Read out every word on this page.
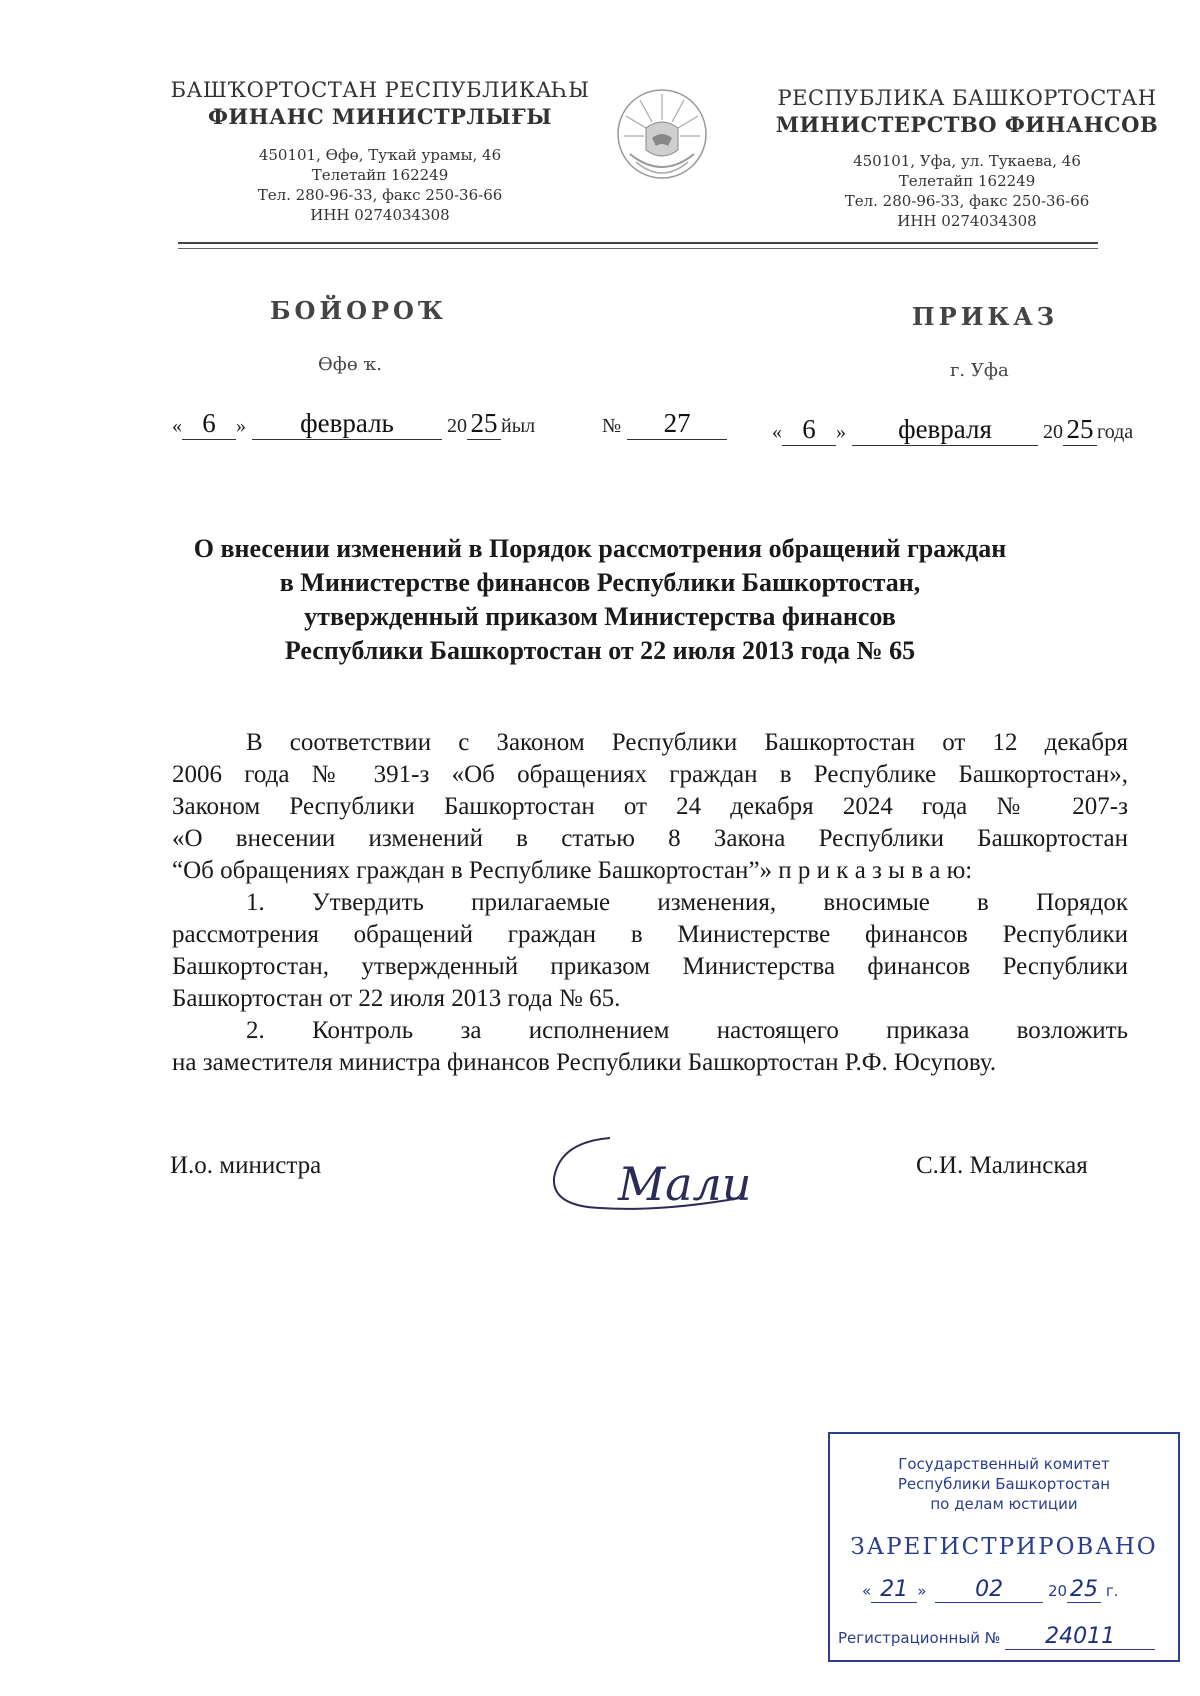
БАШҠОРТОСТАН РЕСПУБЛИКАҺЫ
ФИНАНС МИНИСТРЛЫҒЫ
450101, Өфө, Туҡай урамы, 46
Телетайп 162249
Тел. 280-96-33, факс 250-36-66
ИНН 0274034308
РЕСПУБЛИКА БАШКОРТОСТАН
МИНИСТЕРСТВО ФИНАНСОВ
450101, Уфа, ул. Тукаева, 46
Телетайп 162249
Тел. 280-96-33, факс 250-36-66
ИНН 0274034308
БОЙОРОҠ
Өфө ҡ.
ПРИКАЗ
г. Уфа
« 6 » февраль	20 25 йыл	№ 27	« 6 » февраля	20 25 года
О внесении изменений в Порядок рассмотрения обращений граждан
в Министерстве финансов Республики Башкортостан,
утвержденный приказом Министерства финансов
Республики Башкортостан от 22 июля 2013 года № 65

В соответствии с Законом Республики Башкортостан от 12 декабря

2006 года № 391-з «Об обращениях граждан в Республике Башкортостан»,

Законом Республики Башкортостан от 24 декабря 2024 года № 207-з

«О внесении изменений в статью 8 Закона Республики Башкортостан

“Об обращениях граждан в Республике Башкортостан”» п р и к а з ы в а ю:

1. Утвердить прилагаемые изменения, вносимые в Порядок

рассмотрения обращений граждан в Министерстве финансов Республики

Башкортостан, утвержденный приказом Министерства финансов Республики

Башкортостан от 22 июля 2013 года № 65.

2. Контроль за исполнением настоящего приказа возложить

на заместителя министра финансов Республики Башкортостан Р.Ф. Юсупову.

И.о. министра	Мали	С.И. Малинская
Государственный комитет
Республики Башкортостан
по делам юстиции
ЗАРЕГИСТРИРОВАНО
« 21 » 02	20 25 г.
Регистрационный № 24011
